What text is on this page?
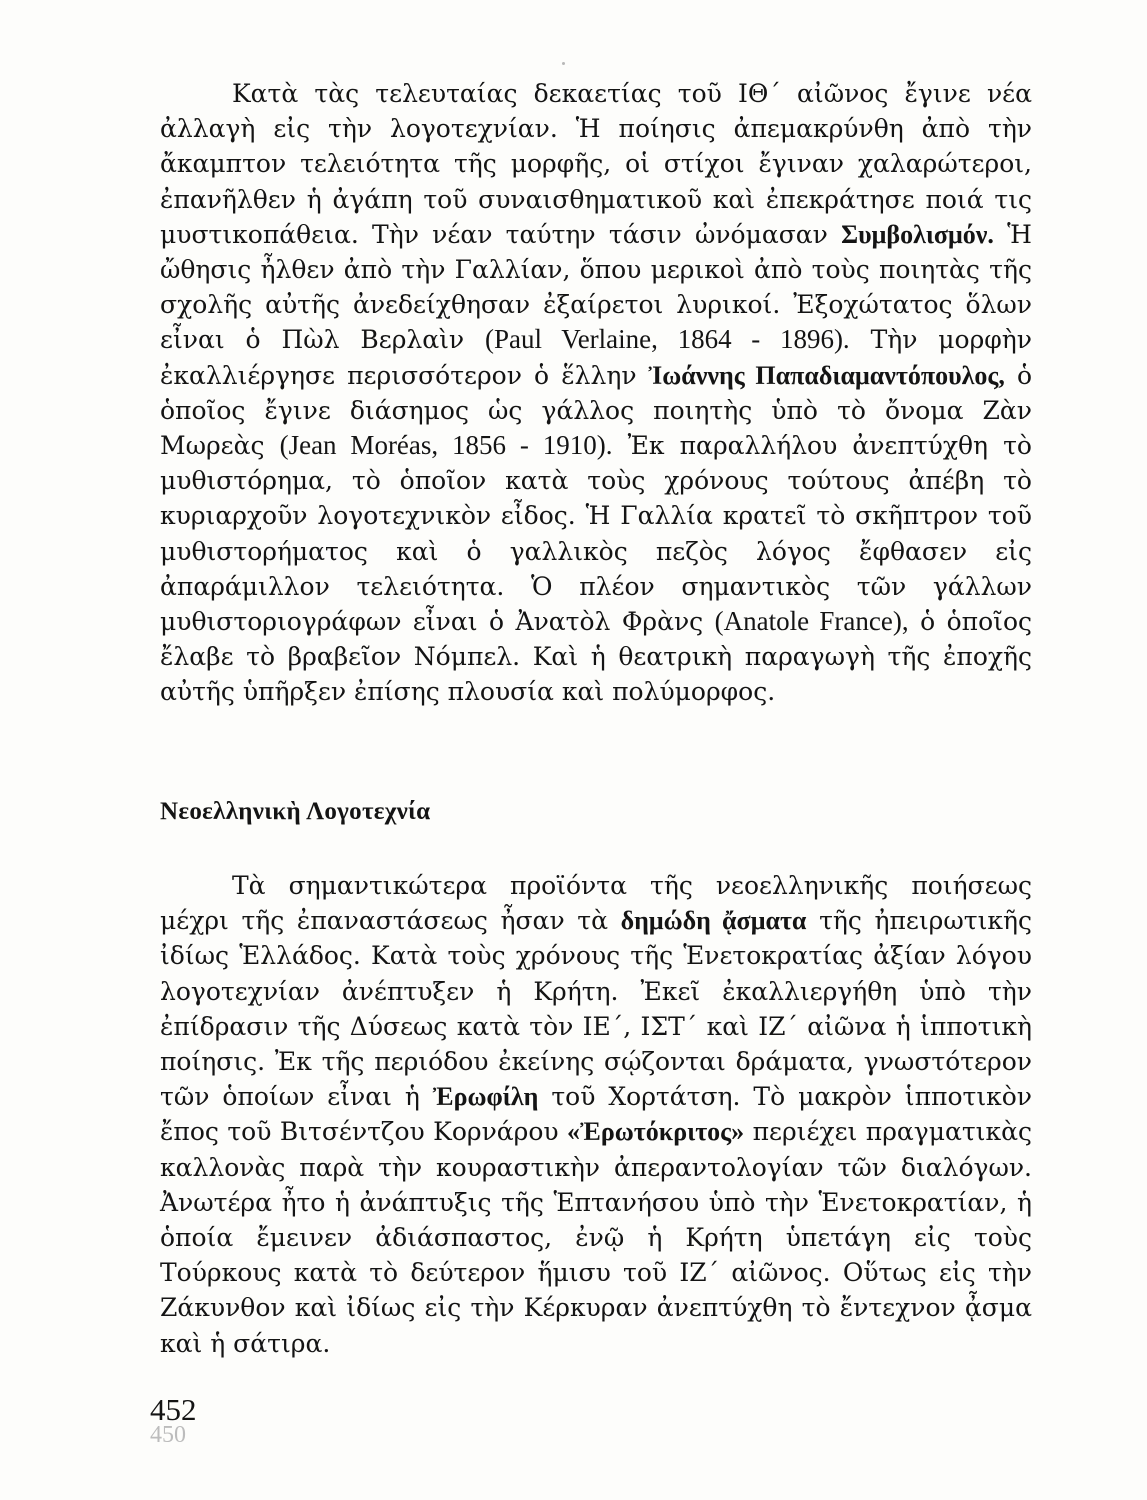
450

Κατὰ τὰς τελευταίας δεκαετίας τοῦ ΙΘ΄ αἰῶνος ἔγινε νέα ἀλλαγὴ εἰς τὴν λογοτεχνίαν. Ἡ ποίησις ἀπεμακρύνθη ἀπὸ τὴν ἄκαμπτον τελειότητα τῆς μορφῆς, οἱ στίχοι ἔγιναν χαλαρώτεροι, ἐπανῆλθεν ἡ ἀγάπη τοῦ συναισθηματικοῦ καὶ ἐπεκράτησε ποιά τις μυστικοπάθεια. Τὴν νέαν ταύτην τάσιν ὠνόμασαν Συμβολισμόν. Ἡ ὤθησις ἦλθεν ἀπὸ τὴν Γαλλίαν, ὅπου μερικοὶ ἀπὸ τοὺς ποιητὰς τῆς σχολῆς αὐτῆς ἀνεδείχθησαν ἐξαίρετοι λυρικοί. Ἐξοχώτατος ὅλων εἶναι ὁ Πὼλ Βερλαὶν (Paul Verlaine, 1864 - 1896). Τὴν μορφὴν ἐκαλλιέργησε περισσότερον ὁ ἕλλην Ἰωάννης Παπαδιαμαντόπουλος, ὁ ὁποῖος ἔγινε διάσημος ὡς γάλλος ποιητὴς ὑπὸ τὸ ὄνομα Ζὰν Μωρεὰς (Jean Moréas, 1856 - 1910). Ἐκ παραλλήλου ἀνεπτύχθη τὸ μυθιστόρημα, τὸ ὁποῖον κατὰ τοὺς χρόνους τούτους ἀπέβη τὸ κυριαρχοῦν λογοτεχνικὸν εἶδος. Ἡ Γαλλία κρατεῖ τὸ σκῆπτρον τοῦ μυθιστορήματος καὶ ὁ γαλλικὸς πεζὸς λόγος ἔφθασεν εἰς ἀπαράμιλλον τελειότητα. Ὁ πλέον σημαντικὸς τῶν γάλλων μυθιστοριογράφων εἶναι ὁ Ἀνατὸλ Φρὰνς (Anatole France), ὁ ὁποῖος ἔλαβε τὸ βραβεῖον Νόμπελ. Καὶ ἡ θεατρικὴ παραγωγὴ τῆς ἐποχῆς αὐτῆς ὑπῆρξεν ἐπίσης πλουσία καὶ πολύμορφος.

Νεοελληνικὴ Λογοτεχνία

Τὰ σημαντικώτερα προϊόντα τῆς νεοελληνικῆς ποιήσεως μέχρι τῆς ἐπαναστάσεως ἦσαν τὰ δημώδη ᾄσματα τῆς ἠπειρωτικῆς ἰδίως Ἑλλάδος. Κατὰ τοὺς χρόνους τῆς Ἑνετοκρατίας ἀξίαν λόγου λογοτεχνίαν ἀνέπτυξεν ἡ Κρήτη. Ἐκεῖ ἐκαλλιεργήθη ὑπὸ τὴν ἐπίδρασιν τῆς Δύσεως κατὰ τὸν ΙΕ΄, ΙΣΤ΄ καὶ ΙΖ΄ αἰῶνα ἡ ἱπποτικὴ ποίησις. Ἐκ τῆς περιόδου ἐκείνης σῴζονται δράματα, γνωστότερον τῶν ὁποίων εἶναι ἡ Ἐρωφίλη τοῦ Χορτάτση. Τὸ μακρὸν ἱπποτικὸν ἔπος τοῦ Βιτσέντζου Κορνάρου «Ἐρωτόκριτος» περιέχει πραγματικὰς καλλονὰς παρὰ τὴν κουραστικὴν ἀπεραντολογίαν τῶν διαλόγων. Ἀνωτέρα ἦτο ἡ ἀνάπτυξις τῆς Ἑπτανήσου ὑπὸ τὴν Ἑνετοκρατίαν, ἡ ὁποία ἔμεινεν ἀδιάσπαστος, ἐνῷ ἡ Κρήτη ὑπετάγη εἰς τοὺς Τούρκους κατὰ τὸ δεύτερον ἥμισυ τοῦ ΙΖ΄ αἰῶνος. Οὕτως εἰς τὴν Ζάκυνθον καὶ ἰδίως εἰς τὴν Κέρκυραν ἀνεπτύχθη τὸ ἔντεχνον ᾆσμα καὶ ἡ σάτιρα.

452
